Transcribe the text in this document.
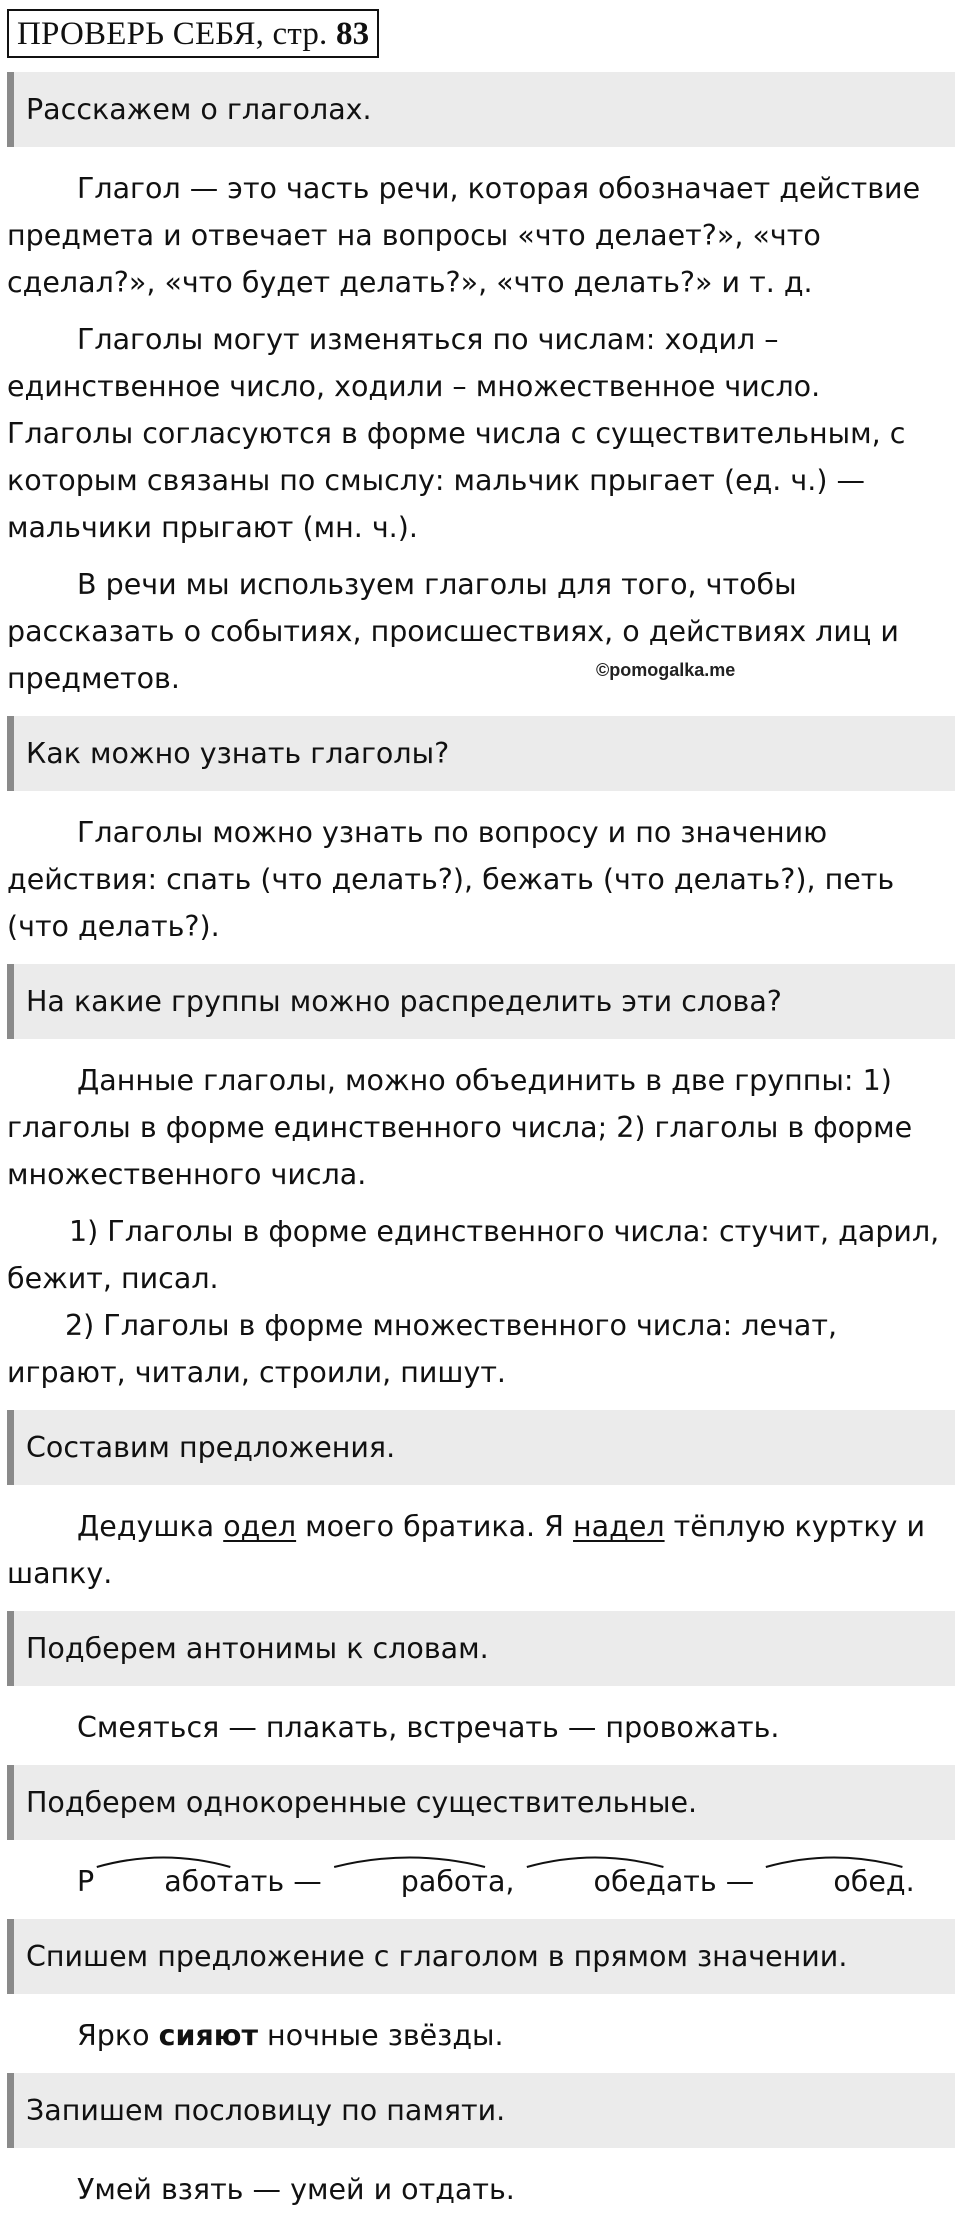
ПРОВЕРЬ СЕБЯ, стр. 83
Расскажем о глаголах.

Глагол — это часть речи, которая обозначает действие предмета и отвечает на вопросы «что делает?», «что сделал?», «что будет делать?», «что делать?» и т. д.

Глаголы могут изменяться по числам: ходил – единственное число, ходили – множественное число. Глаголы согласуются в форме числа с существительным, с которым связаны по смыслу: мальчик прыгает (ед. ч.) — мальчики прыгают (мн. ч.).

В речи мы используем глаголы для того, чтобы рассказать о событиях, происшествиях, о действиях лиц и предметов.

Как можно узнать глаголы?

Глаголы можно узнать по вопросу и по значению действия: спать (что делать?), бежать (что делать?), петь (что делать?).

На какие группы можно распределить эти слова?

Данные глаголы, можно объединить в две группы: 1) глаголы в форме единственного числа; 2) глаголы в форме множественного числа.

1) Глаголы в форме единственного числа: стучит, дарил, бежит, писал.

2) Глаголы в форме множественного числа: лечат, играют, читали, строили, пишут.

Составим предложения.

Дедушка одел моего братика. Я надел тёплую куртку и шапку.

Подберем антонимы к словам.

Смеяться — плакать, встречать — провожать.

Подберем однокоренные существительные.

Р абот
ать — работ
а, обед
ать — обед
.

Спишем предложение с глаголом в прямом значении.

Ярко сияют ночные звёзды.

Запишем пословицу по памяти.

Умей взять — умей и отдать.

©pomogalka.me
